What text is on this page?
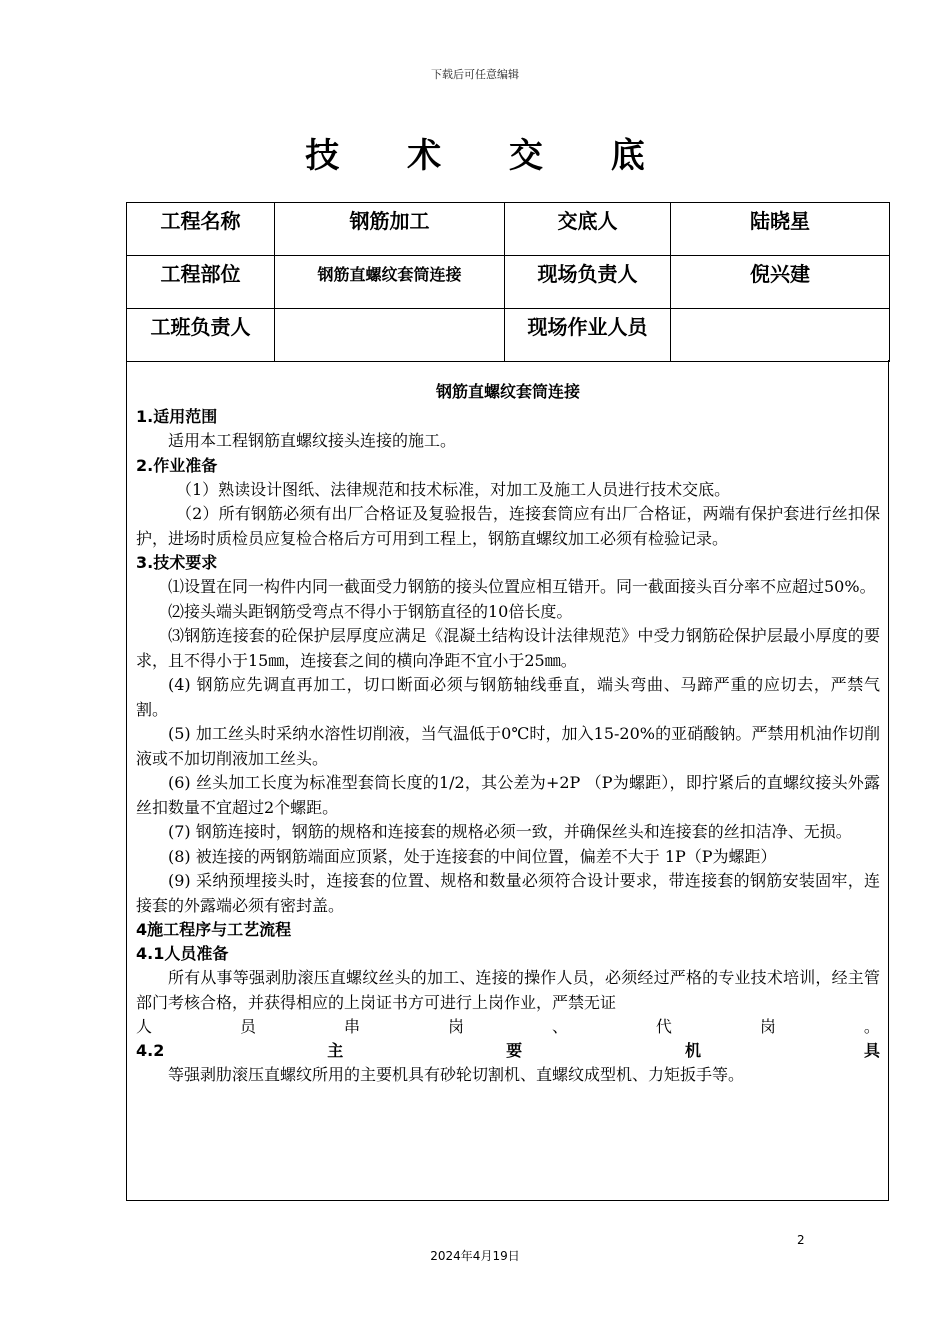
下载后可任意编辑
技 术 交 底
工程名称	钢筋加工	交底人	陆晓星

工程部位	钢筋直螺纹套筒连接	现场负责人	倪兴建

工班负责人		现场作业人员	

钢筋直螺纹套筒连接
1.适用范围
适用本工程钢筋直螺纹接头连接的施工。
2.作业准备
（1）熟读设计图纸、法律规范和技术标准，对加工及施工人员进行技术交底。
（2）所有钢筋必须有出厂合格证及复验报告，连接套筒应有出厂合格证，两端有保护套进行丝扣保护，进场时质检员应复检合格后方可用到工程上，钢筋直螺纹加工必须有检验记录。
3.技术要求
⑴设置在同一构件内同一截面受力钢筋的接头位置应相互错开。同一截面接头百分率不应超过50%。
⑵接头端头距钢筋受弯点不得小于钢筋直径的10倍长度。
⑶钢筋连接套的砼保护层厚度应满足《混凝土结构设计法律规范》中受力钢筋砼保护层最小厚度的要求，且不得小于15㎜，连接套之间的横向净距不宜小于25㎜。
(4) 钢筋应先调直再加工，切口断面必须与钢筋轴线垂直，端头弯曲、马蹄严重的应切去，严禁气割。
(5) 加工丝头时采纳水溶性切削液，当气温低于0℃时，加入15-20%的亚硝酸钠。严禁用机油作切削液或不加切削液加工丝头。
(6) 丝头加工长度为标准型套筒长度的1/2，其公差为+2P （P为螺距），即拧紧后的直螺纹接头外露丝扣数量不宜超过2个螺距。
(7) 钢筋连接时，钢筋的规格和连接套的规格必须一致，并确保丝头和连接套的丝扣洁净、无损。
(8) 被连接的两钢筋端面应顶紧，处于连接套的中间位置，偏差不大于 1P（P为螺距）
(9) 采纳预埋接头时，连接套的位置、规格和数量必须符合设计要求，带连接套的钢筋安装固牢，连接套的外露端必须有密封盖。
4施工程序与工艺流程
4.1人员准备
所有从事等强剥肋滚压直螺纹丝头的加工、连接的操作人员，必须经过严格的专业技术培训，经主管部门考核合格，并获得相应的上岗证书方可进行上岗作业，严禁无证
人	员	串	岗	、	代	岗	。
4.2	主	要	机	具
等强剥肋滚压直螺纹所用的主要机具有砂轮切割机、直螺纹成型机、力矩扳手等。
2
2024年4月19日
